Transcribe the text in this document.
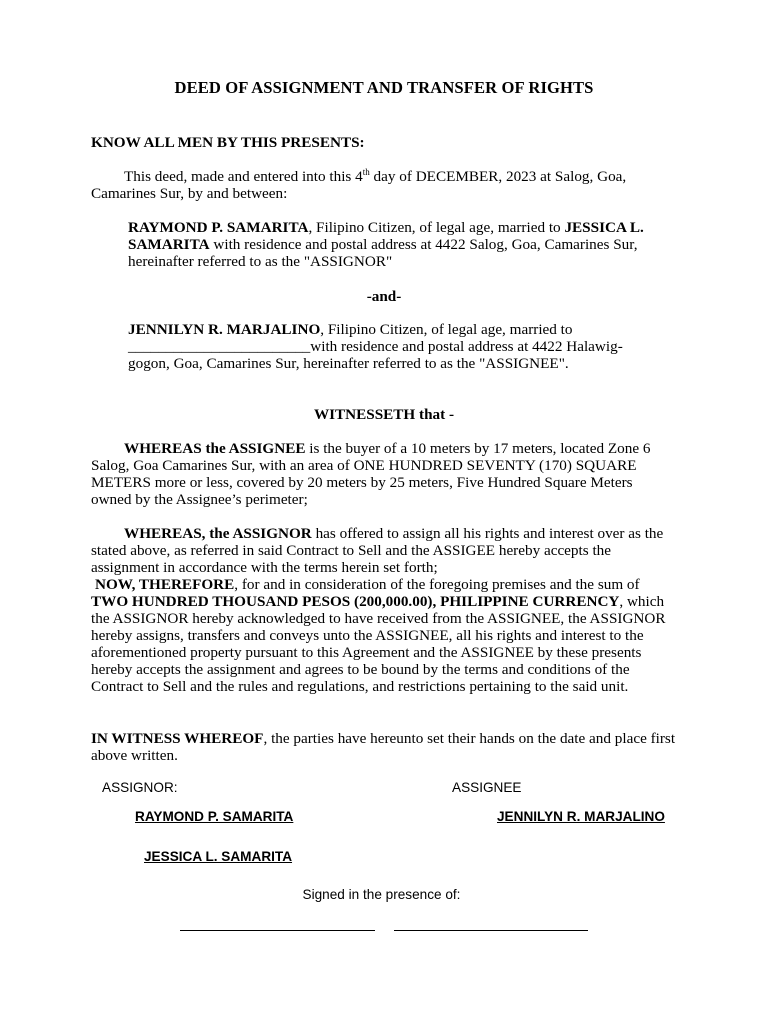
DEED OF ASSIGNMENT AND TRANSFER OF RIGHTS
KNOW ALL MEN BY THIS PRESENTS:
This deed, made and entered into this 4th day of DECEMBER, 2023 at Salog, Goa, Camarines Sur, by and between:
RAYMOND P. SAMARITA, Filipino Citizen, of legal age, married to JESSICA L. SAMARITA with residence and postal address at 4422 Salog, Goa, Camarines Sur, hereinafter referred to as the "ASSIGNOR"
-and-
JENNILYN R. MARJALINO, Filipino Citizen, of legal age, married to ________________________with residence and postal address at 4422 Halawig-gogon, Goa, Camarines Sur, hereinafter referred to as the "ASSIGNEE".
WITNESSETH that -
WHEREAS the ASSIGNEE is the buyer of a 10 meters by 17 meters, located Zone 6 Salog, Goa Camarines Sur, with an area of ONE HUNDRED SEVENTY (170) SQUARE METERS more or less, covered by 20 meters by 25 meters, Five Hundred Square Meters owned by the Assignee’s perimeter;
WHEREAS, the ASSIGNOR has offered to assign all his rights and interest over as the stated above, as referred in said Contract to Sell and the ASSIGEE hereby accepts the assignment in accordance with the terms herein set forth;
NOW, THEREFORE, for and in consideration of the foregoing premises and the sum of TWO HUNDRED THOUSAND PESOS (200,000.00), PHILIPPINE CURRENCY, which the ASSIGNOR hereby acknowledged to have received from the ASSIGNEE, the ASSIGNOR hereby assigns, transfers and conveys unto the ASSIGNEE, all his rights and interest to the aforementioned property pursuant to this Agreement and the ASSIGNEE by these presents hereby accepts the assignment and agrees to be bound by the terms and conditions of the Contract to Sell and the rules and regulations, and restrictions pertaining to the said unit.
IN WITNESS WHEREOF, the parties have hereunto set their hands on the date and place first above written.
ASSIGNOR:	ASSIGNEE
RAYMOND P. SAMARITA	JENNILYN R. MARJALINO
JESSICA L. SAMARITA
Signed in the presence of:
